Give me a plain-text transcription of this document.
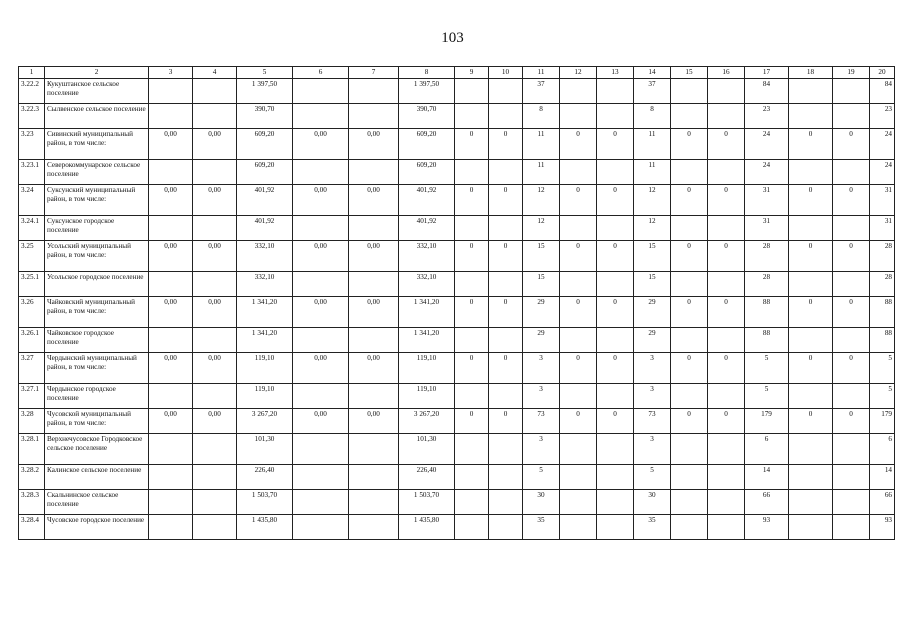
103
1	2	3	4	5	6	7	8	9	10	11	12	13	14	15	16	17	18	19	20
3.22.2	Кукуштанское сельское поселение			1 397,50			1 397,50			37			37			84			84
3.22.3	Сылвенское сельское поселение			390,70			390,70			8			8			23			23
3.23	Сивинский муниципальный район, в том числе:	0,00	0,00	609,20	0,00	0,00	609,20	0	0	11	0	0	11	0	0	24	0	0	24
3.23.1	Северокоммунарское сельское поселение			609,20			609,20			11			11			24			24
3.24	Суксунский муниципальный район, в том числе:	0,00	0,00	401,92	0,00	0,00	401,92	0	0	12	0	0	12	0	0	31	0	0	31
3.24.1	Суксунское городское поселение			401,92			401,92			12			12			31			31
3.25	Усольский муниципальный район, в том числе:	0,00	0,00	332,10	0,00	0,00	332,10	0	0	15	0	0	15	0	0	28	0	0	28
3.25.1	Усольское городское поселение			332,10			332,10			15			15			28			28
3.26	Чайковский муниципальный район, в том числе:	0,00	0,00	1 341,20	0,00	0,00	1 341,20	0	0	29	0	0	29	0	0	88	0	0	88
3.26.1	Чайковское городское поселение			1 341,20			1 341,20			29			29			88			88
3.27	Чердынский муниципальный район, в том числе:	0,00	0,00	119,10	0,00	0,00	119,10	0	0	3	0	0	3	0	0	5	0	0	5
3.27.1	Чердынское городское поселение			119,10			119,10			3			3			5			5
3.28	Чусовской муниципальный район, в том числе:	0,00	0,00	3 267,20	0,00	0,00	3 267,20	0	0	73	0	0	73	0	0	179	0	0	179
3.28.1	Верхнечусовское Городковское сельское поселение			101,30			101,30			3			3			6			6
3.28.2	Калинское сельское поселение			226,40			226,40			5			5			14			14
3.28.3	Скальнинское сельское поселение			1 503,70			1 503,70			30			30			66			66
3.28.4	Чусовское городское поселение			1 435,80			1 435,80			35			35			93			93
